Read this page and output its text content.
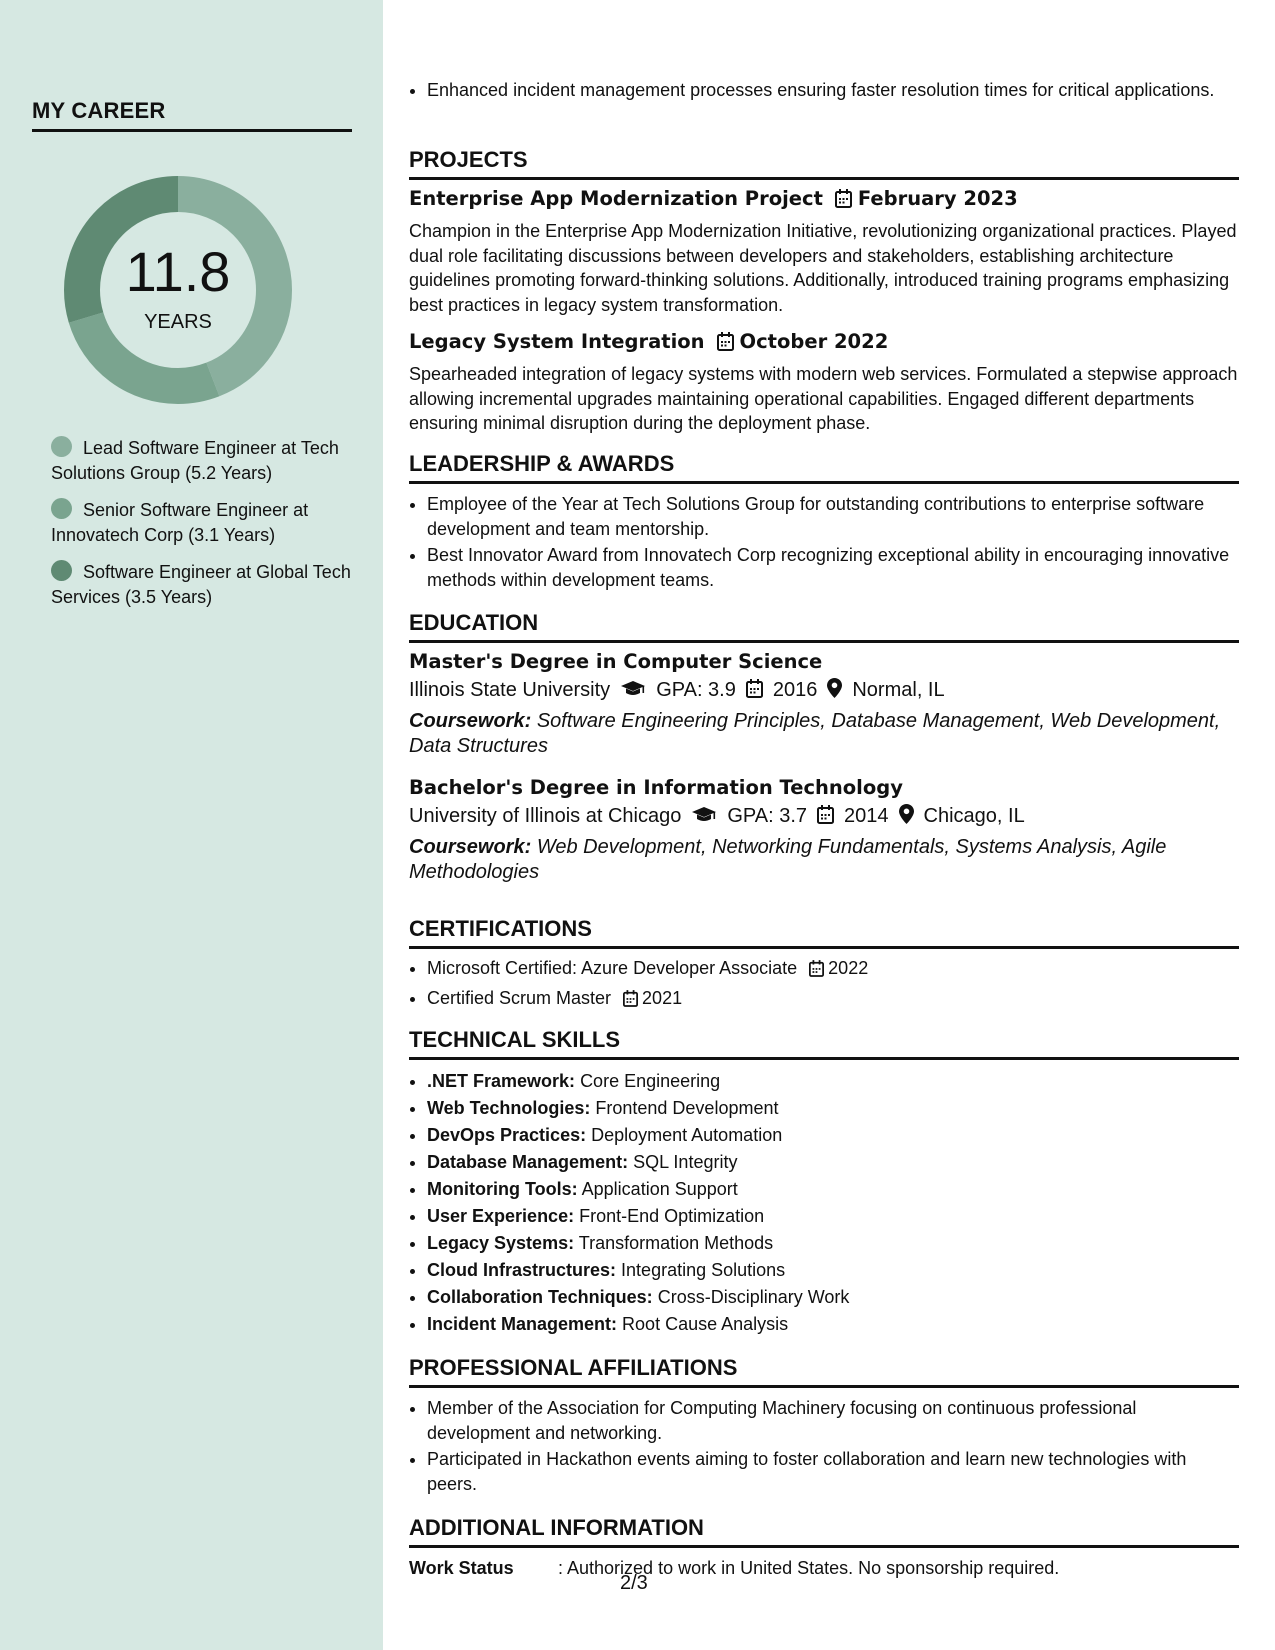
MY CAREER
11.8
YEARS
Lead Software Engineer at Tech Solutions Group (5.2 Years)
Senior Software Engineer at Innovatech Corp (3.1 Years)
Software Engineer at Global Tech Services (3.5 Years)
• Enhanced incident management processes ensuring faster resolution times for critical applications.
PROJECTS
Enterprise App Modernization Project February 2023

Champion in the Enterprise App Modernization Initiative, revolutionizing organizational practices. Played dual role facilitating discussions between developers and stakeholders, establishing architecture guidelines promoting forward-thinking solutions. Additionally, introduced training programs emphasizing best practices in legacy system transformation.

Legacy System Integration October 2022

Spearheaded integration of legacy systems with modern web services. Formulated a stepwise approach allowing incremental upgrades maintaining operational capabilities. Engaged different departments ensuring minimal disruption during the deployment phase.

LEADERSHIP & AWARDS
• Employee of the Year at Tech Solutions Group for outstanding contributions to enterprise software development and team mentorship.
• Best Innovator Award from Innovatech Corp recognizing exceptional ability in encouraging innovative methods within development teams.
EDUCATION
Master's Degree in Computer Science
Illinois State University GPA: 3.9 2016 Normal, IL
Coursework: Software Engineering Principles, Database Management, Web Development, Data Structures
Bachelor's Degree in Information Technology
University of Illinois at Chicago GPA: 3.7 2014 Chicago, IL
Coursework: Web Development, Networking Fundamentals, Systems Analysis, Agile Methodologies
CERTIFICATIONS
• Microsoft Certified: Azure Developer Associate 2022
• Certified Scrum Master 2021
TECHNICAL SKILLS
• .NET Framework: Core Engineering
• Web Technologies: Frontend Development
• DevOps Practices: Deployment Automation
• Database Management: SQL Integrity
• Monitoring Tools: Application Support
• User Experience: Front-End Optimization
• Legacy Systems: Transformation Methods
• Cloud Infrastructures: Integrating Solutions
• Collaboration Techniques: Cross-Disciplinary Work
• Incident Management: Root Cause Analysis
PROFESSIONAL AFFILIATIONS
• Member of the Association for Computing Machinery focusing on continuous professional development and networking.
• Participated in Hackathon events aiming to foster collaboration and learn new technologies with peers.
ADDITIONAL INFORMATION
Work Status : Authorized to work in United States. No sponsorship required.
2/3
